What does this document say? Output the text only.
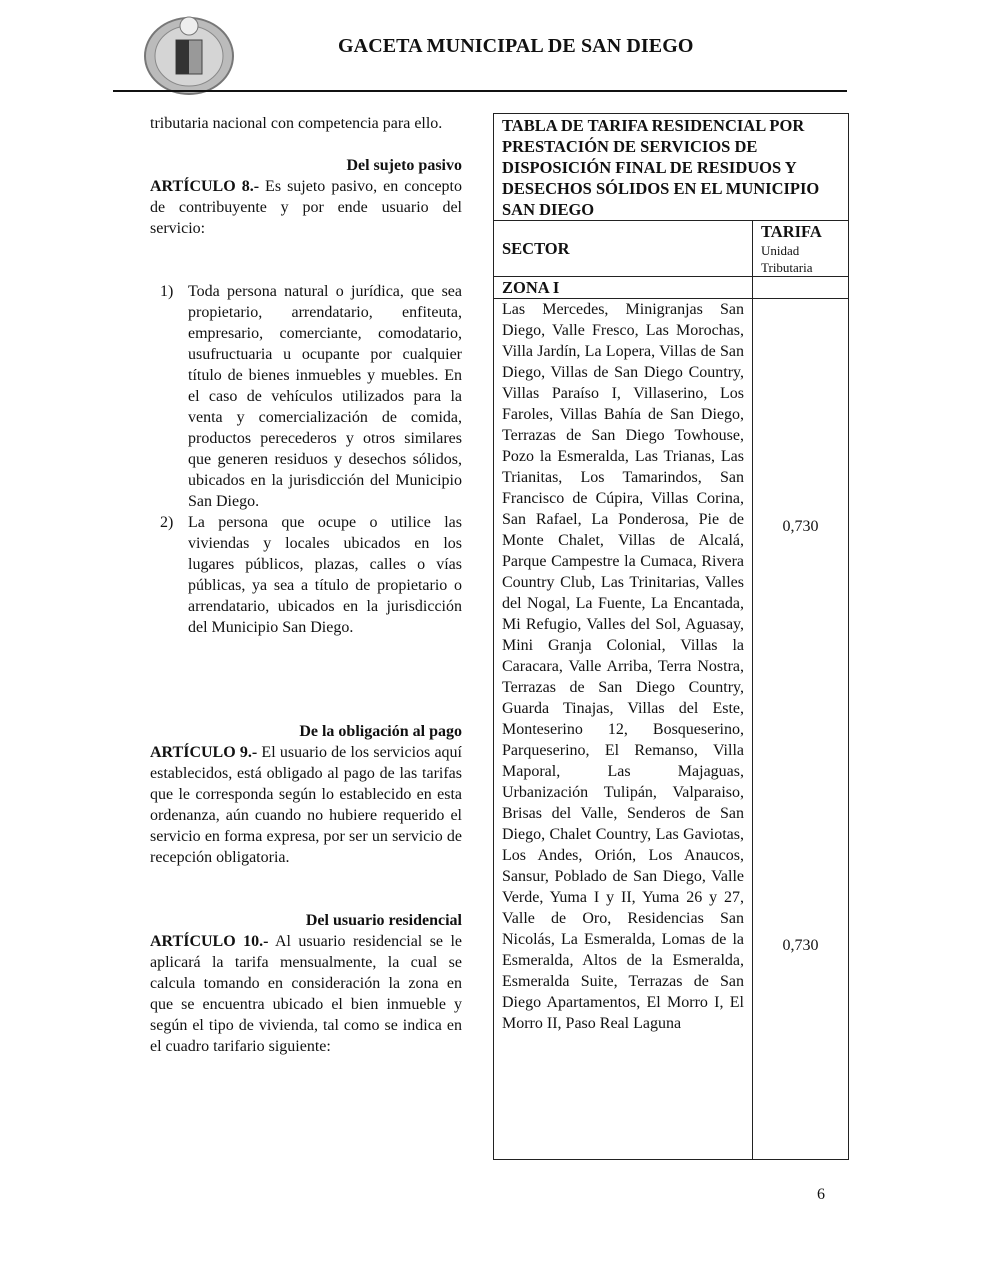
GACETA MUNICIPAL DE SAN DIEGO

tributaria nacional con competencia para ello.

Del sujeto pasivo

ARTÍCULO 8.- Es sujeto pasivo, en concepto de contribuyente y por ende usuario del servicio:

1) Toda persona natural o jurídica, que sea propietario, arrendatario, enfiteuta, empresario, comerciante, comodatario, usufructuaria u ocupante por cualquier título de bienes inmuebles y muebles. En el caso de vehículos utilizados para la venta y comercialización de comida, productos perecederos y otros similares que generen residuos y desechos sólidos, ubicados en la jurisdicción del Municipio San Diego.
2) La persona que ocupe o utilice las viviendas y locales ubicados en los lugares públicos, plazas, calles o vías públicas, ya sea a título de propietario o arrendatario, ubicados en la jurisdicción del Municipio San Diego.

De la obligación al pago

ARTÍCULO 9.- El usuario de los servicios aquí establecidos, está obligado al pago de las tarifas que le corresponda según lo establecido en esta ordenanza, aún cuando no hubiere requerido el servicio en forma expresa, por ser un servicio de recepción obligatoria.

Del usuario residencial

ARTÍCULO 10.- Al usuario residencial se le aplicará la tarifa mensualmente, la cual se calcula tomando en consideración la zona en que se encuentra ubicado el bien inmueble y según el tipo de vivienda, tal como se indica en el cuadro tarifario siguiente:

TABLA DE TARIFA RESIDENCIAL POR PRESTACIÓN DE SERVICIOS DE DISPOSICIÓN FINAL DE RESIDUOS Y DESECHOS SÓLIDOS EN EL MUNICIPIO SAN DIEGO	
SECTOR	TARIFA
Unidad Tributaria

ZONA I	
Las Mercedes, Minigranjas San Diego, Valle Fresco, Las Morochas, Villa Jardín, La Lopera, Villas de San Diego, Villas de San Diego Country, Villas Paraíso I, Villaserino, Los Faroles, Villas Bahía de San Diego, Terrazas de San Diego Towhouse, Pozo la Esmeralda, Las Trianas, Las Trianitas, Los Tamarindos, San Francisco de Cúpira, Villas Corina, San Rafael, La Ponderosa, Pie de Monte Chalet, Villas de Alcalá, Parque Campestre la Cumaca, Rivera Country Club, Las Trinitarias, Valles del Nogal, La Fuente, La Encantada, Mi Refugio, Valles del Sol, Aguasay, Mini Granja Colonial, Villas la Caracara, Valle Arriba, Terra Nostra, Terrazas de San Diego Country, Guarda Tinajas, Villas del Este, Monteserino 12, Bosqueserino, Parqueserino, El Remanso, Villa Maporal, Las Majaguas, Urbanización Tulipán, Valparaiso, Brisas del Valle, Senderos de San Diego, Chalet Country, Las Gaviotas, Los Andes, Orión, Los Anaucos, Sansur, Poblado de San Diego, Valle Verde, Yuma I y II, Yuma 26 y 27, Valle de Oro, Residencias San Nicolás, La Esmeralda, Lomas de la Esmeralda, Altos de la Esmeralda, Esmeralda Suite, Terrazas de San Diego Apartamentos, El Morro I, El Morro II, Paso Real Laguna	0,730
0,730
6
